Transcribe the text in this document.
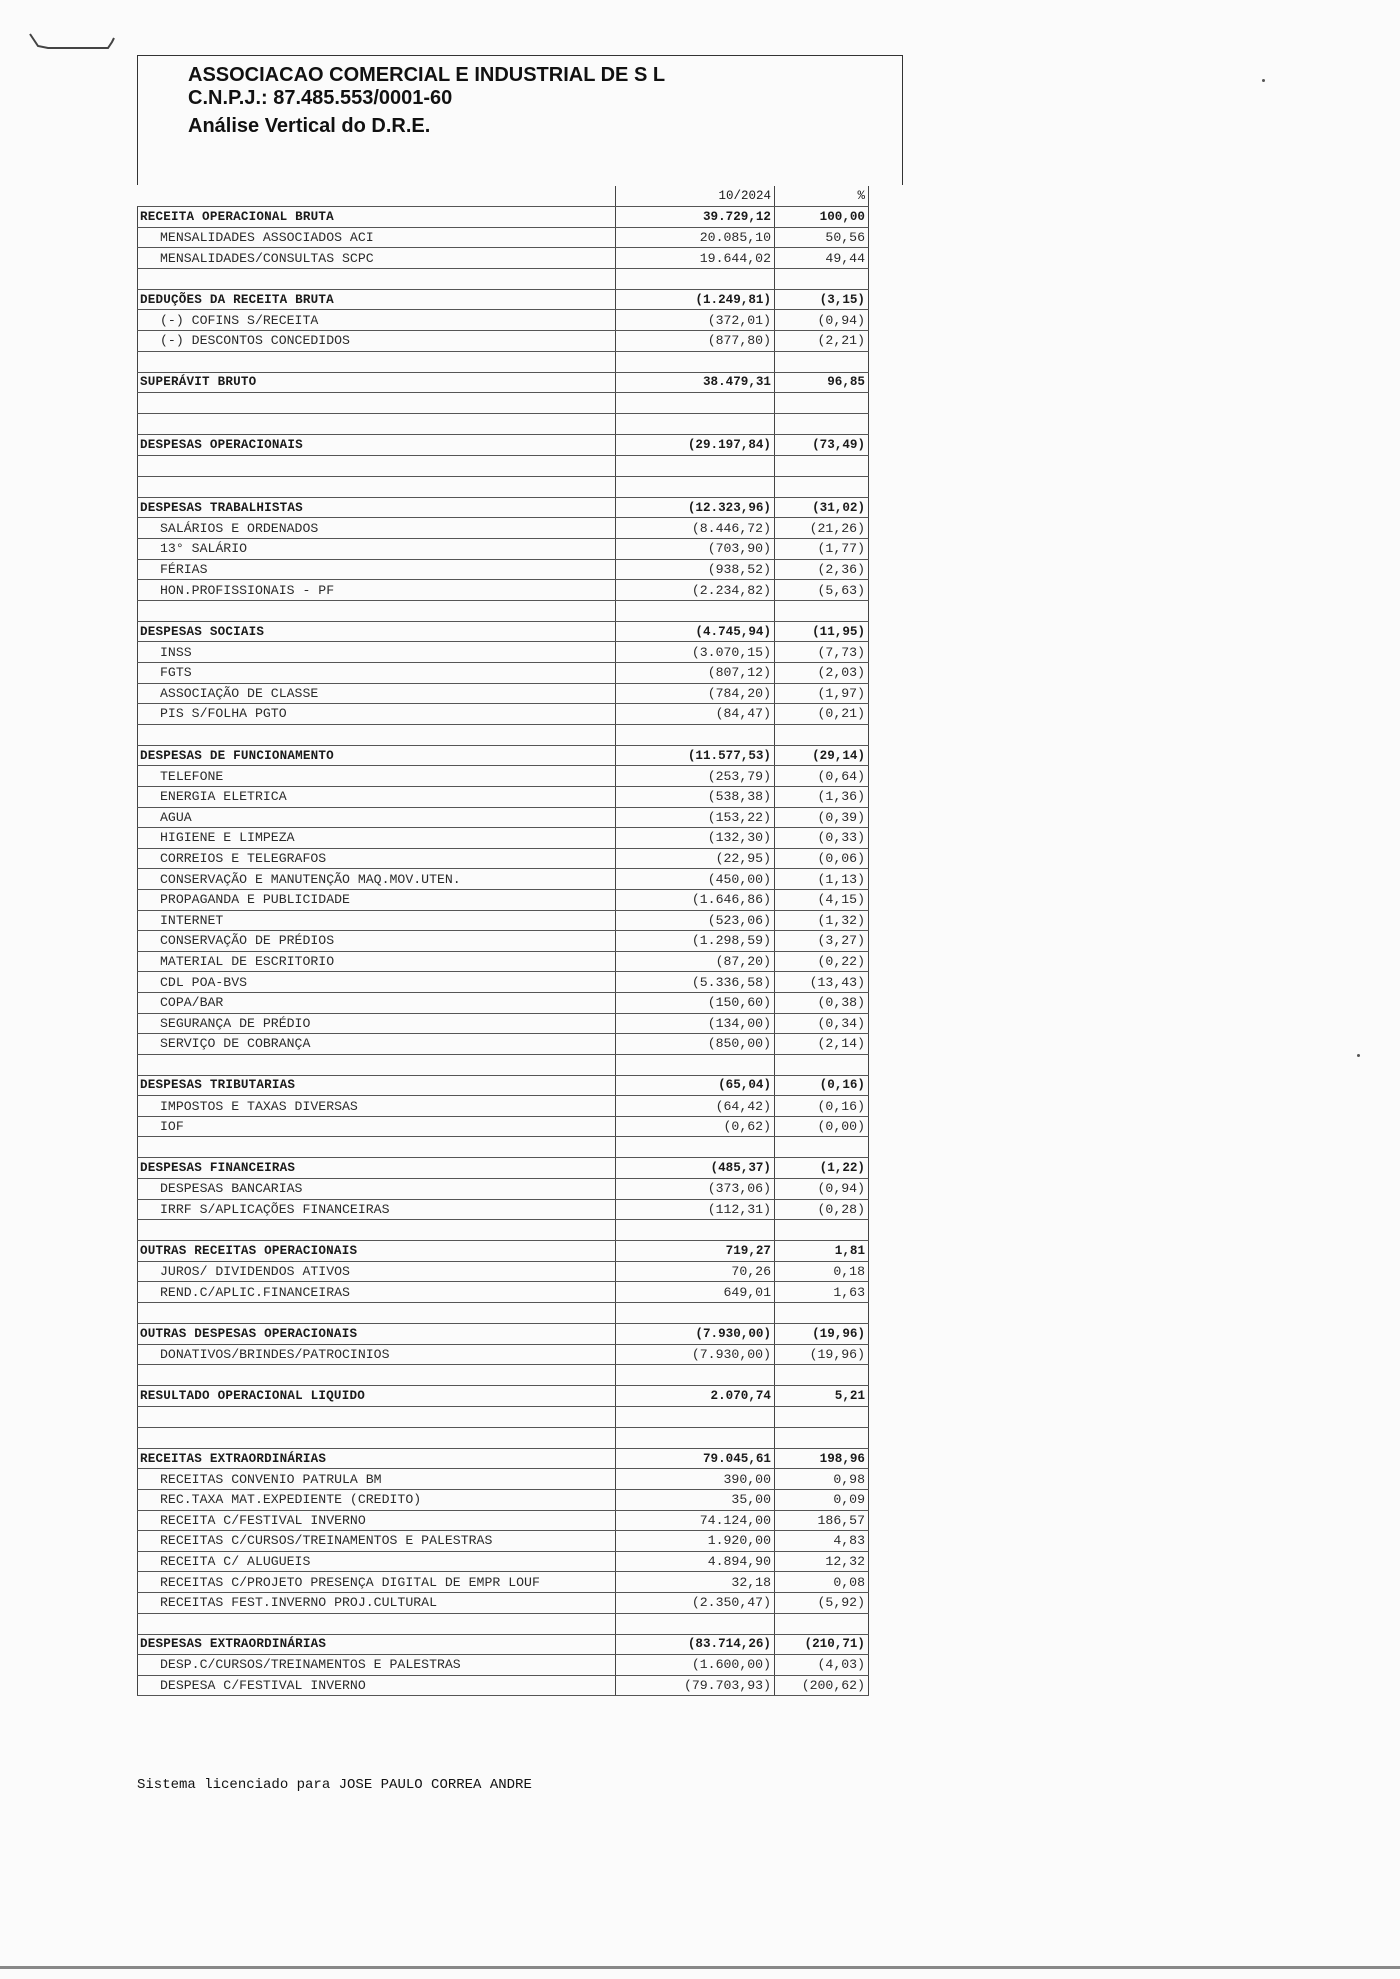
ASSOCIACAO COMERCIAL E INDUSTRIAL DE S L
C.N.P.J.: 87.485.553/0001-60
Análise Vertical do D.R.E.
	10/2024	%
RECEITA OPERACIONAL BRUTA	39.729,12	100,00
MENSALIDADES ASSOCIADOS ACI	20.085,10	50,56
MENSALIDADES/CONSULTAS SCPC	19.644,02	49,44

DEDUÇÕES DA RECEITA BRUTA	(1.249,81)	(3,15)
(-) COFINS S/RECEITA	(372,01)	(0,94)
(-) DESCONTOS CONCEDIDOS	(877,80)	(2,21)

SUPERÁVIT BRUTO	38.479,31	96,85

DESPESAS OPERACIONAIS	(29.197,84)	(73,49)

DESPESAS TRABALHISTAS	(12.323,96)	(31,02)
SALÁRIOS E ORDENADOS	(8.446,72)	(21,26)
13° SALÁRIO	(703,90)	(1,77)
FÉRIAS	(938,52)	(2,36)
HON.PROFISSIONAIS - PF	(2.234,82)	(5,63)

DESPESAS SOCIAIS	(4.745,94)	(11,95)
INSS	(3.070,15)	(7,73)
FGTS	(807,12)	(2,03)
ASSOCIAÇÃO DE CLASSE	(784,20)	(1,97)
PIS S/FOLHA PGTO	(84,47)	(0,21)

DESPESAS DE FUNCIONAMENTO	(11.577,53)	(29,14)
TELEFONE	(253,79)	(0,64)
ENERGIA ELETRICA	(538,38)	(1,36)
AGUA	(153,22)	(0,39)
HIGIENE E LIMPEZA	(132,30)	(0,33)
CORREIOS E TELEGRAFOS	(22,95)	(0,06)
CONSERVAÇÃO E MANUTENÇÃO MAQ.MOV.UTEN.	(450,00)	(1,13)
PROPAGANDA E PUBLICIDADE	(1.646,86)	(4,15)
INTERNET	(523,06)	(1,32)
CONSERVAÇÃO DE PRÉDIOS	(1.298,59)	(3,27)
MATERIAL DE ESCRITORIO	(87,20)	(0,22)
CDL POA-BVS	(5.336,58)	(13,43)
COPA/BAR	(150,60)	(0,38)
SEGURANÇA DE PRÉDIO	(134,00)	(0,34)
SERVIÇO DE COBRANÇA	(850,00)	(2,14)

DESPESAS TRIBUTARIAS	(65,04)	(0,16)
IMPOSTOS E TAXAS DIVERSAS	(64,42)	(0,16)
IOF	(0,62)	(0,00)

DESPESAS FINANCEIRAS	(485,37)	(1,22)
DESPESAS BANCARIAS	(373,06)	(0,94)
IRRF S/APLICAÇÕES FINANCEIRAS	(112,31)	(0,28)

OUTRAS RECEITAS OPERACIONAIS	719,27	1,81
JUROS/ DIVIDENDOS ATIVOS	70,26	0,18
REND.C/APLIC.FINANCEIRAS	649,01	1,63

OUTRAS DESPESAS OPERACIONAIS	(7.930,00)	(19,96)
DONATIVOS/BRINDES/PATROCINIOS	(7.930,00)	(19,96)

RESULTADO OPERACIONAL LIQUIDO	2.070,74	5,21

RECEITAS EXTRAORDINÁRIAS	79.045,61	198,96
RECEITAS CONVENIO PATRULA BM	390,00	0,98
REC.TAXA MAT.EXPEDIENTE (CREDITO)	35,00	0,09
RECEITA C/FESTIVAL INVERNO	74.124,00	186,57
RECEITAS C/CURSOS/TREINAMENTOS E PALESTRAS	1.920,00	4,83
RECEITA C/ ALUGUEIS	4.894,90	12,32
RECEITAS C/PROJETO PRESENÇA DIGITAL DE EMPR LOUF	32,18	0,08
RECEITAS FEST.INVERNO PROJ.CULTURAL	(2.350,47)	(5,92)

DESPESAS EXTRAORDINÁRIAS	(83.714,26)	(210,71)
DESP.C/CURSOS/TREINAMENTOS E PALESTRAS	(1.600,00)	(4,03)
DESPESA C/FESTIVAL INVERNO	(79.703,93)	(200,62)
Sistema licenciado para JOSE PAULO CORREA ANDRE
